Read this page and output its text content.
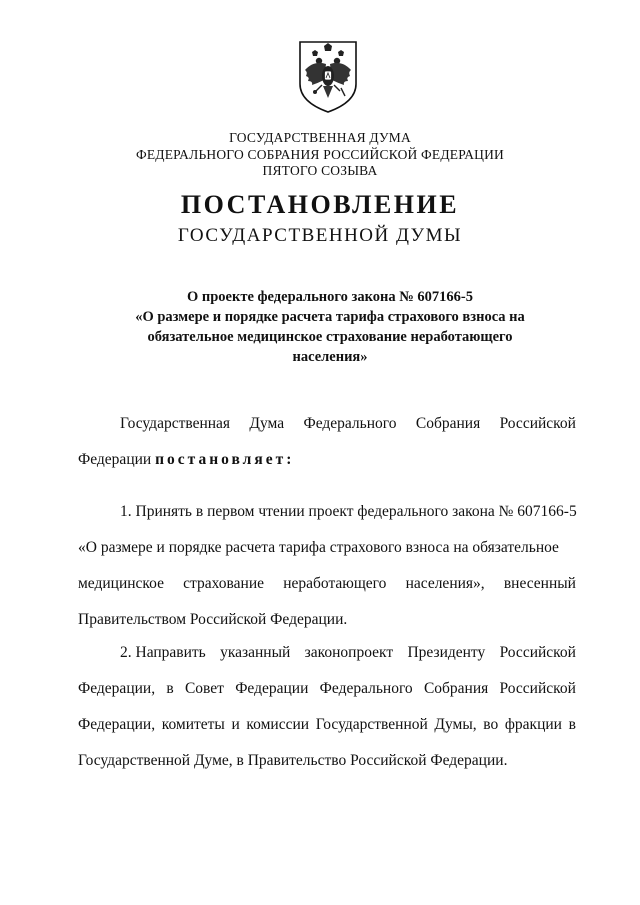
ГОСУДАРСТВЕННАЯ ДУМА
ФЕДЕРАЛЬНОГО СОБРАНИЯ РОССИЙСКОЙ ФЕДЕРАЦИИ
ПЯТОГО СОЗЫВА
ПОСТАНОВЛЕНИЕ
ГОСУДАРСТВЕННОЙ ДУМЫ
О проекте федерального закона № 607166-5
«О размере и порядке расчета тарифа страхового взноса на
обязательное медицинское страхование неработающего
населения»
Государственная Дума Федерального Собрания Российской
Федерации постановляет:
1. Принять в первом чтении проект федерального закона № 607166-5
«О размере и порядке расчета тарифа страхового взноса на обязательное
медицинское страхование неработающего населения», внесенный
Правительством Российской Федерации.
2. Направить указанный законопроект Президенту Российской
Федерации, в Совет Федерации Федерального Собрания Российской
Федерации, комитеты и комиссии Государственной Думы, во фракции в
Государственной Думе, в Правительство Российской Федерации.
